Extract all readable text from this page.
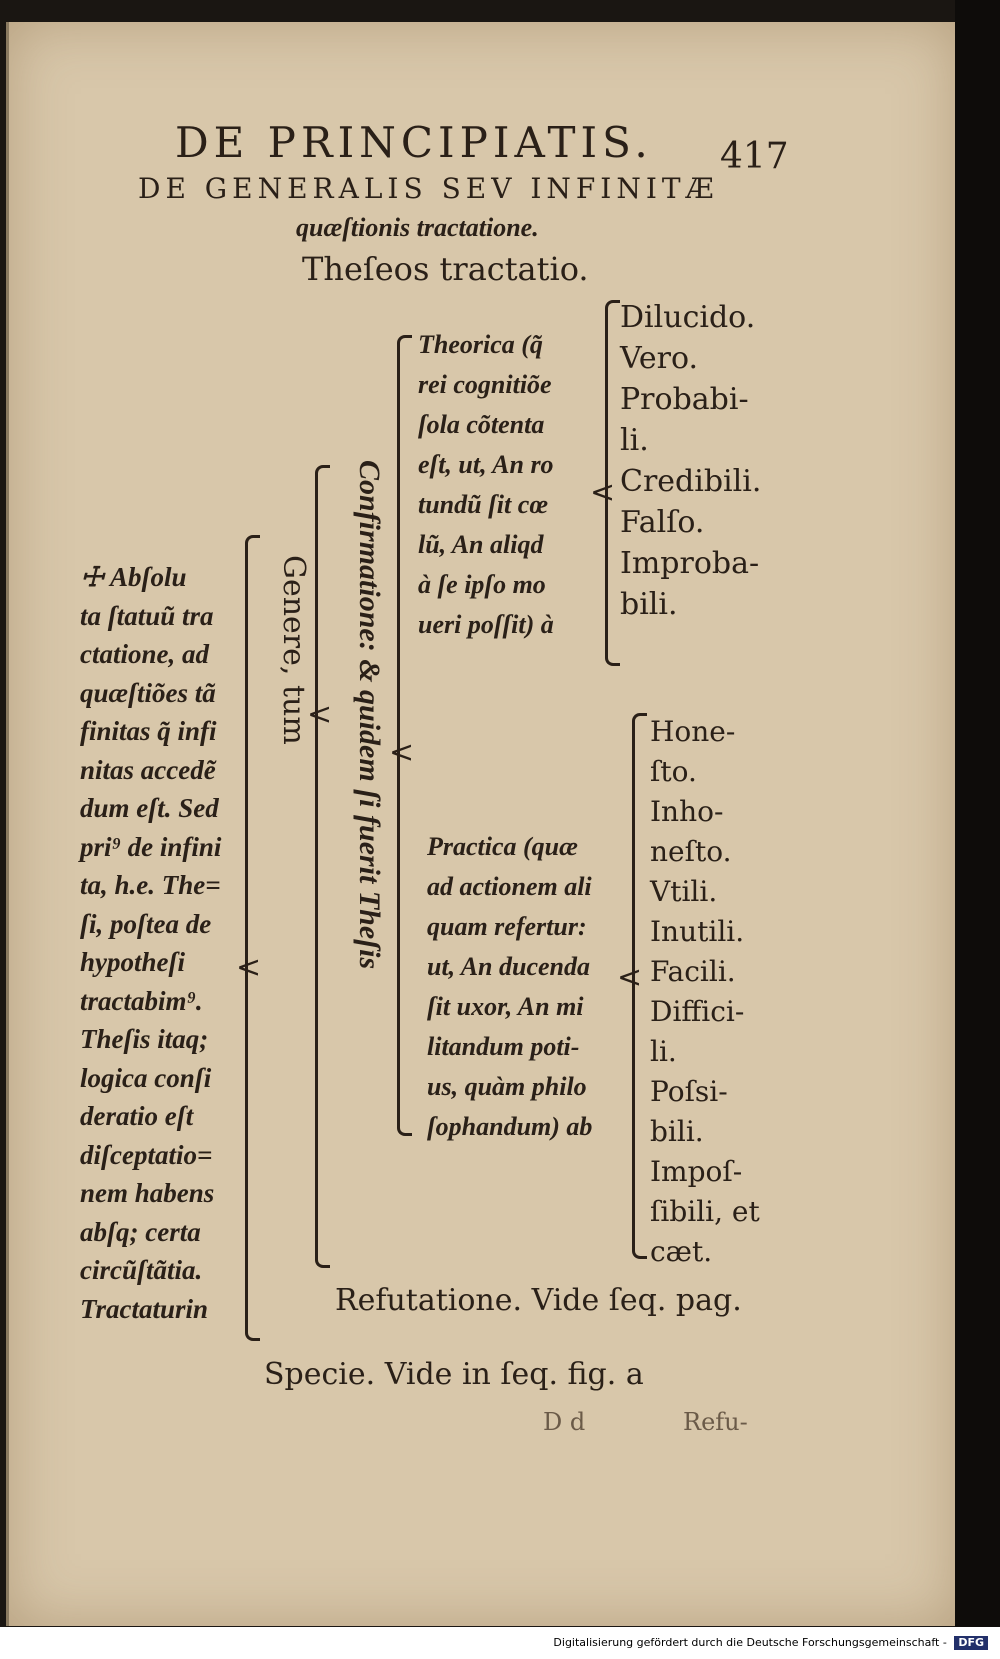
DE PRINCIPIATIS. 417
DE GENERALIS SEV INFINITÆ
quæſtionis tractatione.
Theſeos tractatio.
☩ Abſolu
ta ſtatuũ tra
ctatione, ad
quæſtiões tã
finitas q̃ infi
nitas accedẽ
dum eſt. Sed
pri⁹ de infini
ta, h.e. The=
ſi, poſtea de
hypotheſi
tractabim⁹.
Theſis itaq;
logica conſi
deratio eſt
diſceptatio=
nem habens
abſq; certa
circũſtãtia.
Tractaturin
Genere, tum Confirmatione: & quidem ſi fuerit Theſis
<
<
<
<
<
Theorica (q̃
rei cognitiõe
ſola cõtenta
eſt, ut, An ro
tundũ ſit cœ
lũ, An aliqd
à ſe ipſo mo
ueri poſſit) à
Dilucido.
Vero.
Probabi-
li.
Credibili.
Falſo.
Improba-
bili.
Practica (quæ
ad actionem ali
quam refertur:
ut, An ducenda
ſit uxor, An mi
litandum poti-
us, quàm philo
ſophandum) ab
Hone-
ſto.
Inho-
neſto.
Vtili.
Inutili.
Facili.
Diffici-
li.
Poſsi-
bili.
Impoſ-
ſibili, et
cæt.
Refutatione. Vide ſeq. pag.
Specie. Vide in ſeq. fig. a
D d	Refu-
Digitalisierung gefördert durch die Deutsche Forschungsgemeinschaft - DFG
